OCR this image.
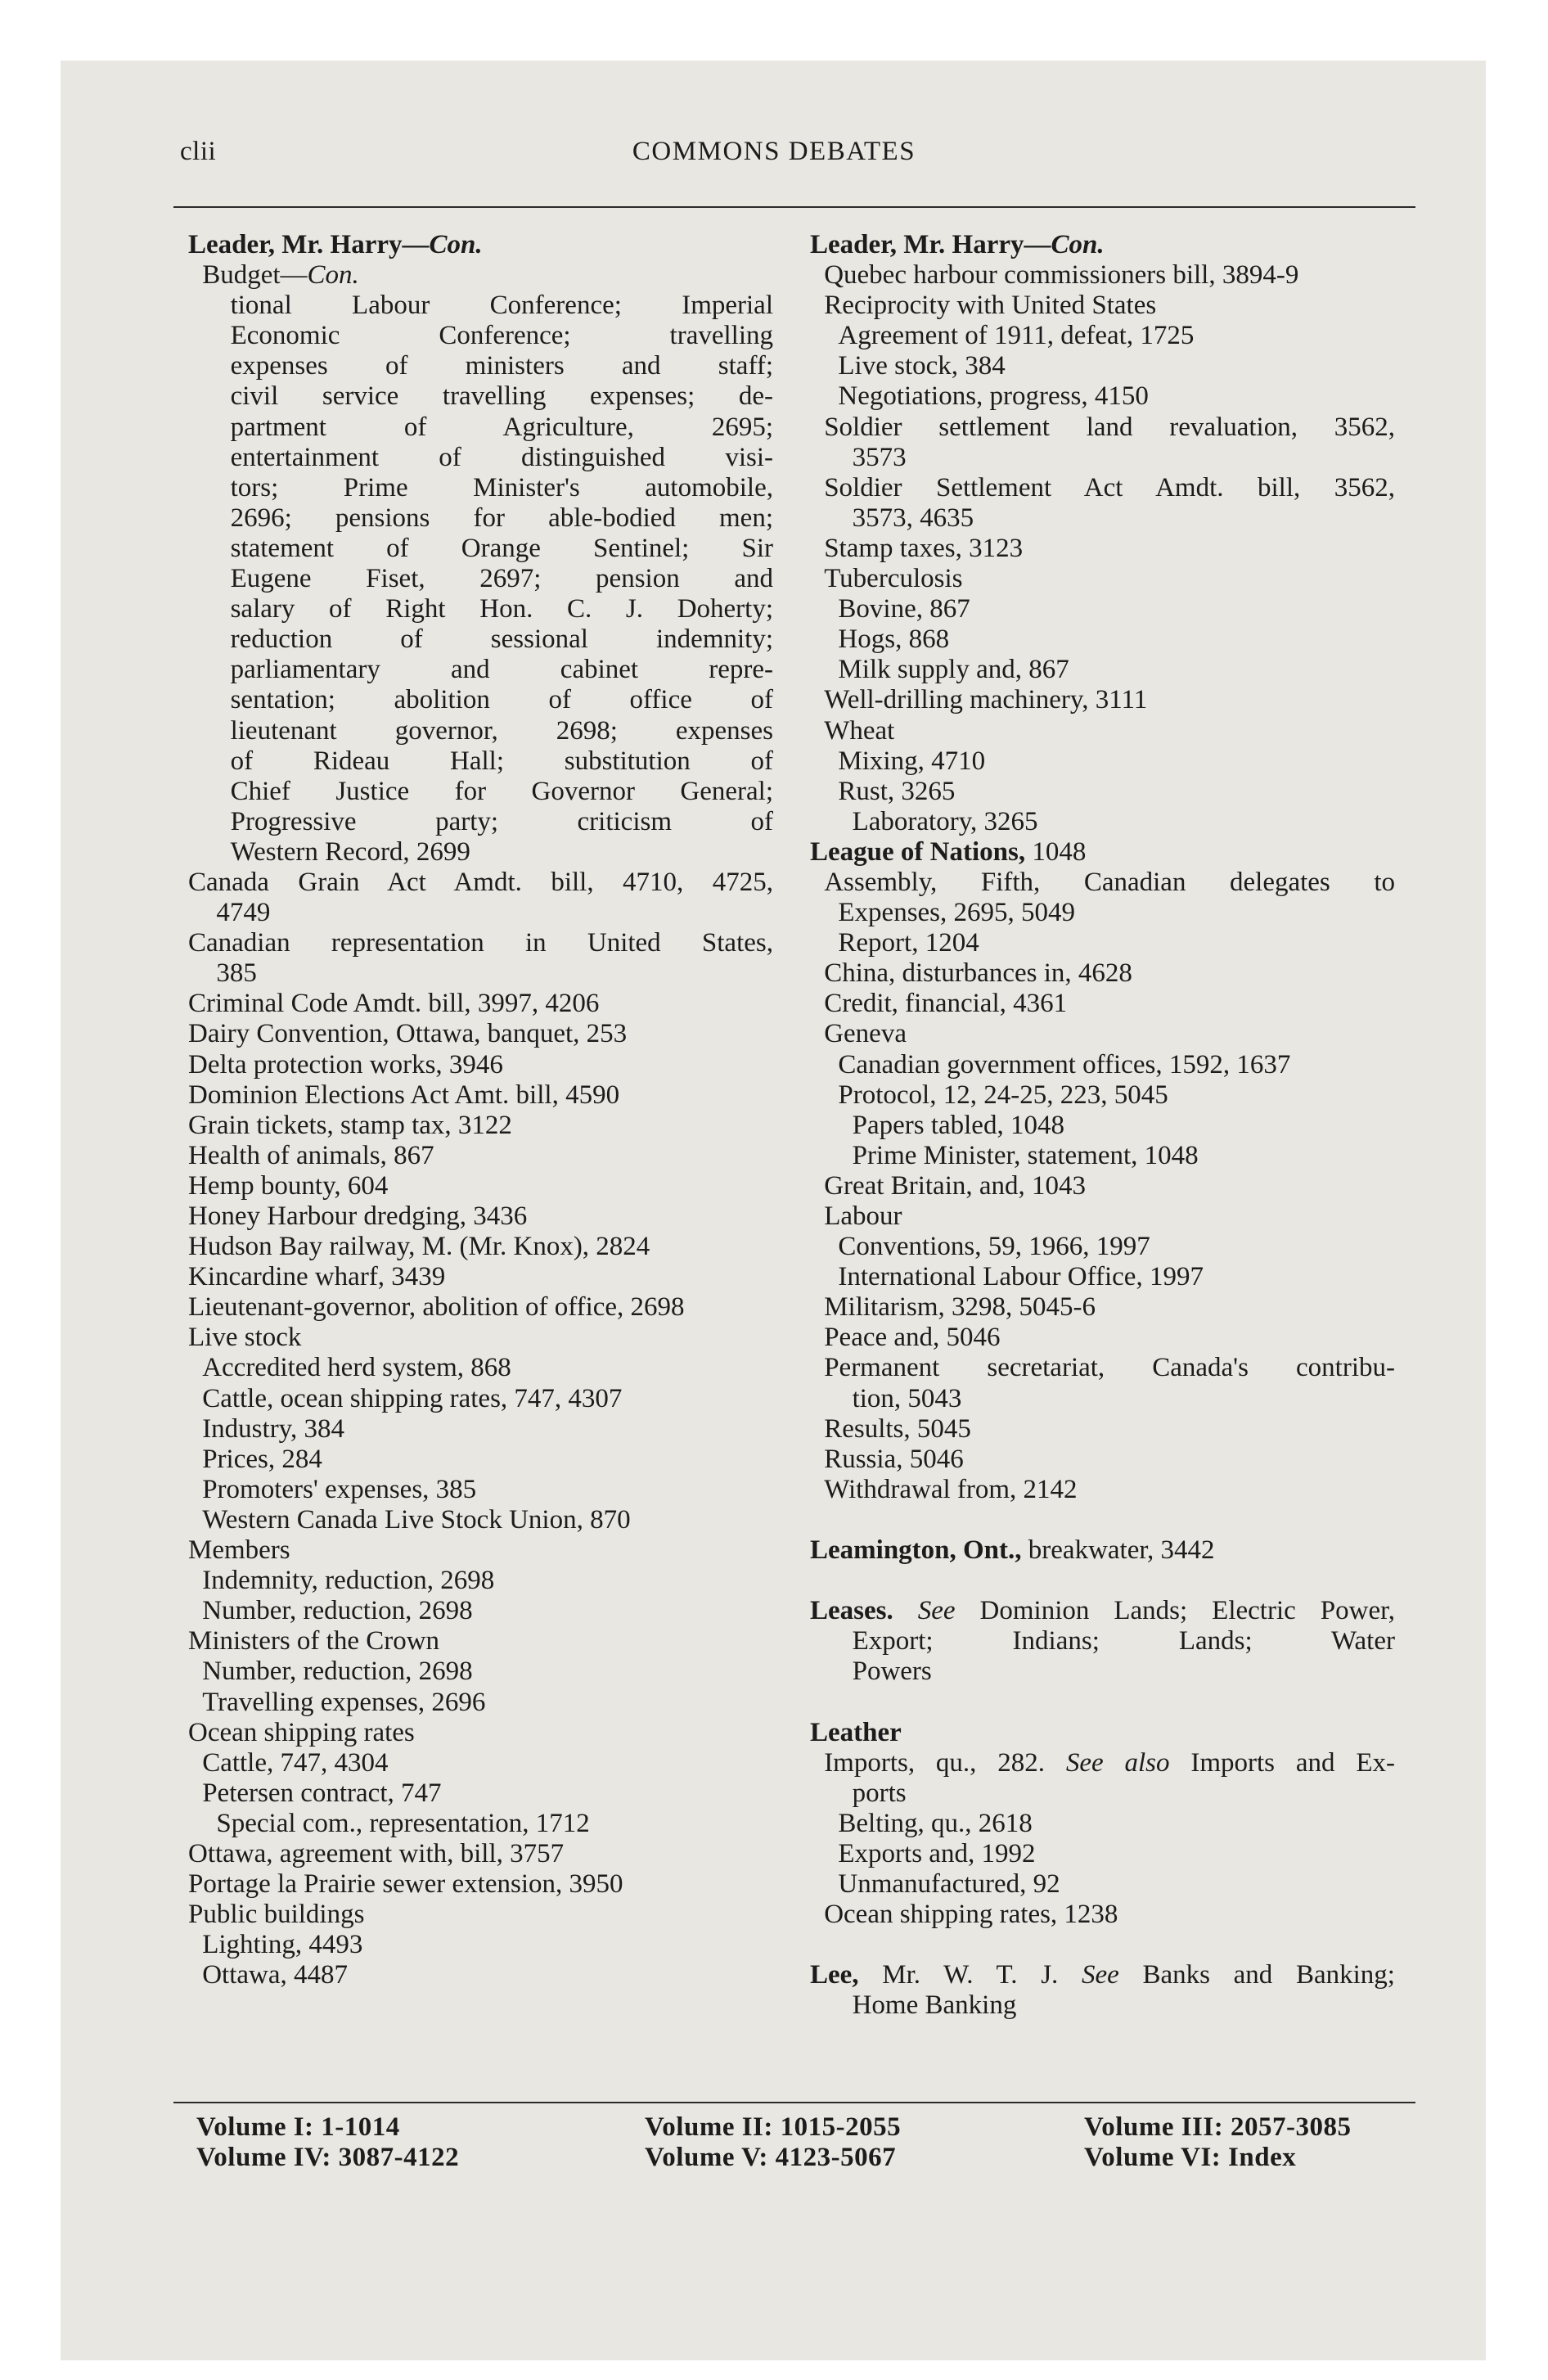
clii	COMMONS DEBATES
Leader, Mr. Harry—Con.
Budget—Con.
tional Labour Conference; Imperial
Economic Conference; travelling
expenses of ministers and staff;
civil service travelling expenses; de-
partment of Agriculture, 2695;
entertainment of distinguished visi-
tors; Prime Minister's automobile,
2696; pensions for able-bodied men;
statement of Orange Sentinel; Sir
Eugene Fiset, 2697; pension and
salary of Right Hon. C. J. Doherty;
reduction of sessional indemnity;
parliamentary and cabinet repre-
sentation; abolition of office of
lieutenant governor, 2698; expenses
of Rideau Hall; substitution of
Chief Justice for Governor General;
Progressive party; criticism of
Western Record, 2699
Canada Grain Act Amdt. bill, 4710, 4725,
4749
Canadian representation in United States,
385
Criminal Code Amdt. bill, 3997, 4206
Dairy Convention, Ottawa, banquet, 253
Delta protection works, 3946
Dominion Elections Act Amt. bill, 4590
Grain tickets, stamp tax, 3122
Health of animals, 867
Hemp bounty, 604
Honey Harbour dredging, 3436
Hudson Bay railway, M. (Mr. Knox), 2824
Kincardine wharf, 3439
Lieutenant-governor, abolition of office, 2698
Live stock
Accredited herd system, 868
Cattle, ocean shipping rates, 747, 4307
Industry, 384
Prices, 284
Promoters' expenses, 385
Western Canada Live Stock Union, 870
Members
Indemnity, reduction, 2698
Number, reduction, 2698
Ministers of the Crown
Number, reduction, 2698
Travelling expenses, 2696
Ocean shipping rates
Cattle, 747, 4304
Petersen contract, 747
Special com., representation, 1712
Ottawa, agreement with, bill, 3757
Portage la Prairie sewer extension, 3950
Public buildings
Lighting, 4493
Ottawa, 4487
Leader, Mr. Harry—Con.
Quebec harbour commissioners bill, 3894-9
Reciprocity with United States
Agreement of 1911, defeat, 1725
Live stock, 384
Negotiations, progress, 4150
Soldier settlement land revaluation, 3562,
3573
Soldier Settlement Act Amdt. bill, 3562,
3573, 4635
Stamp taxes, 3123
Tuberculosis
Bovine, 867
Hogs, 868
Milk supply and, 867
Well-drilling machinery, 3111
Wheat
Mixing, 4710
Rust, 3265
Laboratory, 3265
League of Nations, 1048
Assembly, Fifth, Canadian delegates to
Expenses, 2695, 5049
Report, 1204
China, disturbances in, 4628
Credit, financial, 4361
Geneva
Canadian government offices, 1592, 1637
Protocol, 12, 24-25, 223, 5045
Papers tabled, 1048
Prime Minister, statement, 1048
Great Britain, and, 1043
Labour
Conventions, 59, 1966, 1997
International Labour Office, 1997
Militarism, 3298, 5045-6
Peace and, 5046
Permanent secretariat, Canada's contribu-
tion, 5043
Results, 5045
Russia, 5046
Withdrawal from, 2142
Leamington, Ont., breakwater, 3442
Leases. See Dominion Lands; Electric Power,
Export; Indians; Lands; Water
Powers
Leather
Imports, qu., 282. See also Imports and Ex-
ports
Belting, qu., 2618
Exports and, 1992
Unmanufactured, 92
Ocean shipping rates, 1238
Lee, Mr. W. T. J. See Banks and Banking;
Home Banking
Volume I: 1-1014	Volume II: 1015-2055	Volume III: 2057-3085
Volume IV: 3087-4122	Volume V: 4123-5067	Volume VI: Index
